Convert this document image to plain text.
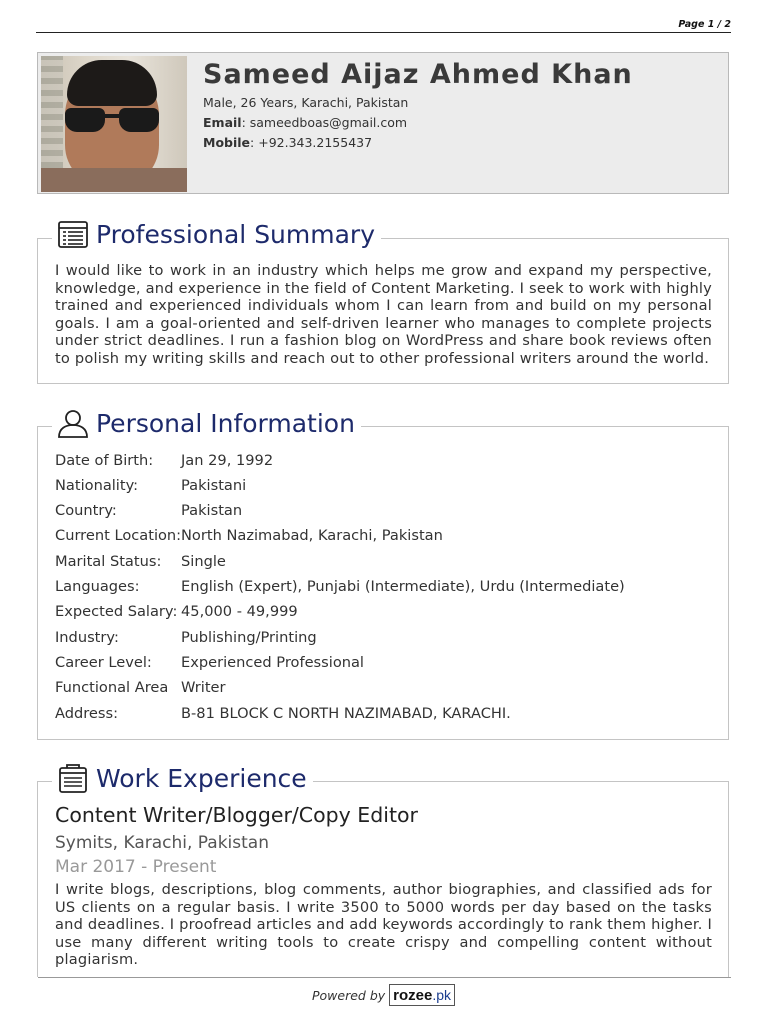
Page 1 / 2
Sameed Aijaz Ahmed Khan
Male, 26 Years, Karachi, Pakistan
Email: sameedboas@gmail.com
Mobile: +92.343.2155437
Professional Summary
I would like to work in an industry which helps me grow and expand my perspective, knowledge, and experience in the field of Content Marketing. I seek to work with highly trained and experienced individuals whom I can learn from and build on my personal goals. I am a goal-oriented and self-driven learner who manages to complete projects under strict deadlines. I run a fashion blog on WordPress and share book reviews often to polish my writing skills and reach out to other professional writers around the world.
Personal Information
Date of Birth: Jan 29, 1992
Nationality:	Pakistani
Country:	Pakistan
Current Location: North Nazimabad, Karachi, Pakistan
Marital Status: Single
Languages:	English (Expert), Punjabi (Intermediate), Urdu (Intermediate)
Expected Salary: 45,000 - 49,999
Industry:	Publishing/Printing
Career Level: Experienced Professional
Functional Area Writer
Address:	B-81 BLOCK C NORTH NAZIMABAD, KARACHI.
Work Experience
Content Writer/Blogger/Copy Editor
Symits, Karachi, Pakistan
Mar 2017 - Present
I write blogs, descriptions, blog comments, author biographies, and classified ads for US clients on a regular basis. I write 3500 to 5000 words per day based on the tasks and deadlines. I proofread articles and add keywords accordingly to rank them higher. I use many different writing tools to create crispy and compelling content without plagiarism.
Powered by rozee .pk
